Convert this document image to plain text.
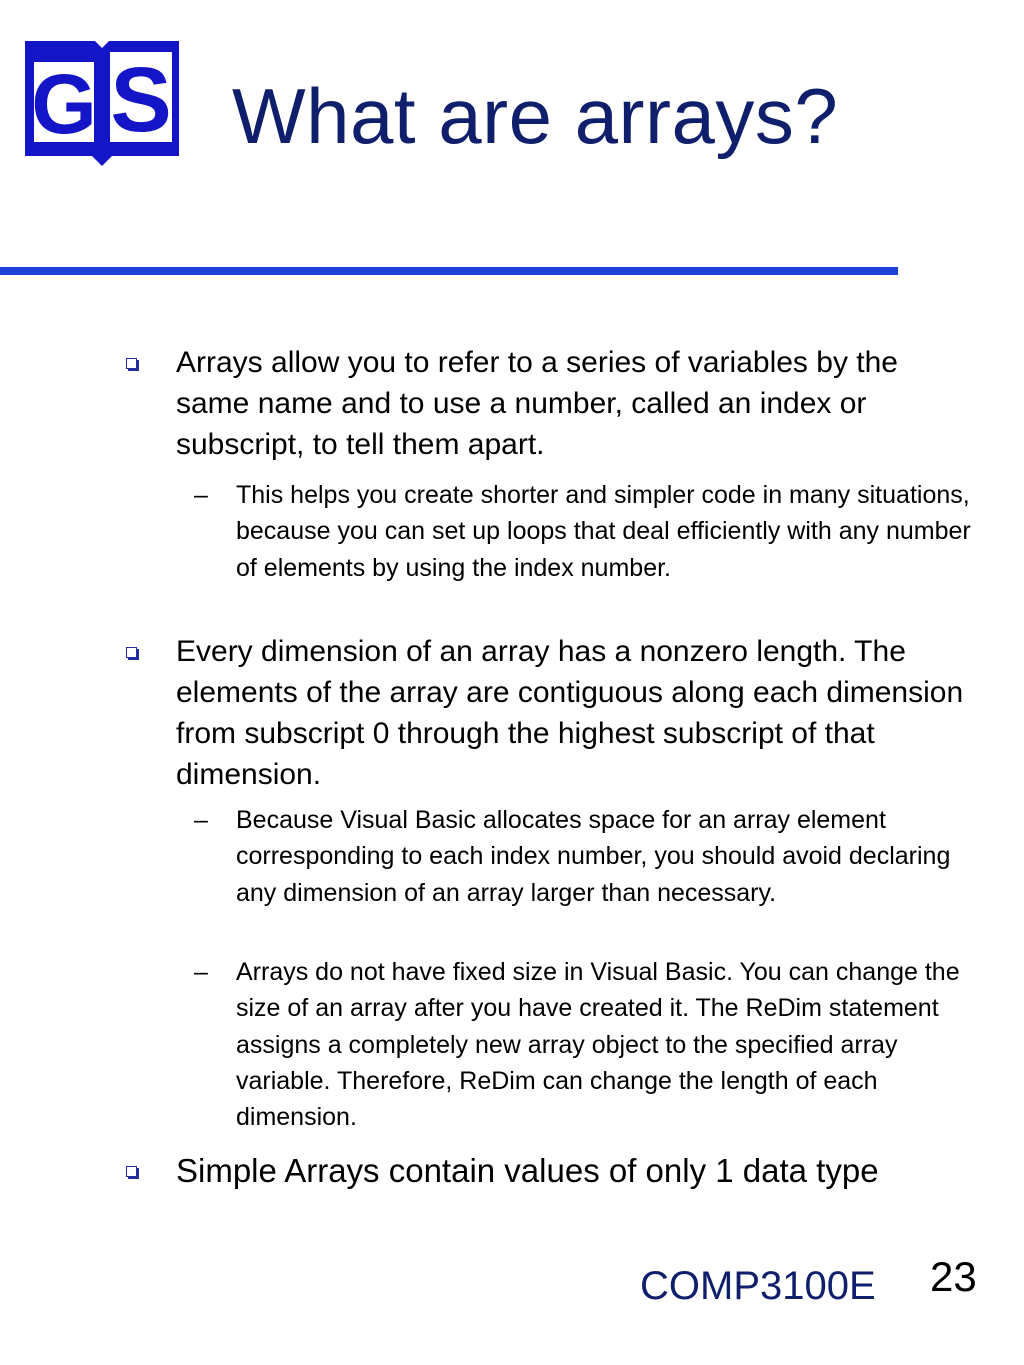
G S What are arrays?
Arrays allow you to refer to a series of variables by the same name and to use a number, called an index or subscript, to tell them apart.
– This helps you create shorter and simpler code in many situations, because you can set up loops that deal efficiently with any number of elements by using the index number.
Every dimension of an array has a nonzero length. The elements of the array are contiguous along each dimension from subscript 0 through the highest subscript of that dimension.
– Because Visual Basic allocates space for an array element corresponding to each index number, you should avoid declaring any dimension of an array larger than necessary.
– Arrays do not have fixed size in Visual Basic. You can change the size of an array after you have created it. The ReDim statement assigns a completely new array object to the specified array variable. Therefore, ReDim can change the length of each dimension.
Simple Arrays contain values of only 1 data type
COMP3100E 23
